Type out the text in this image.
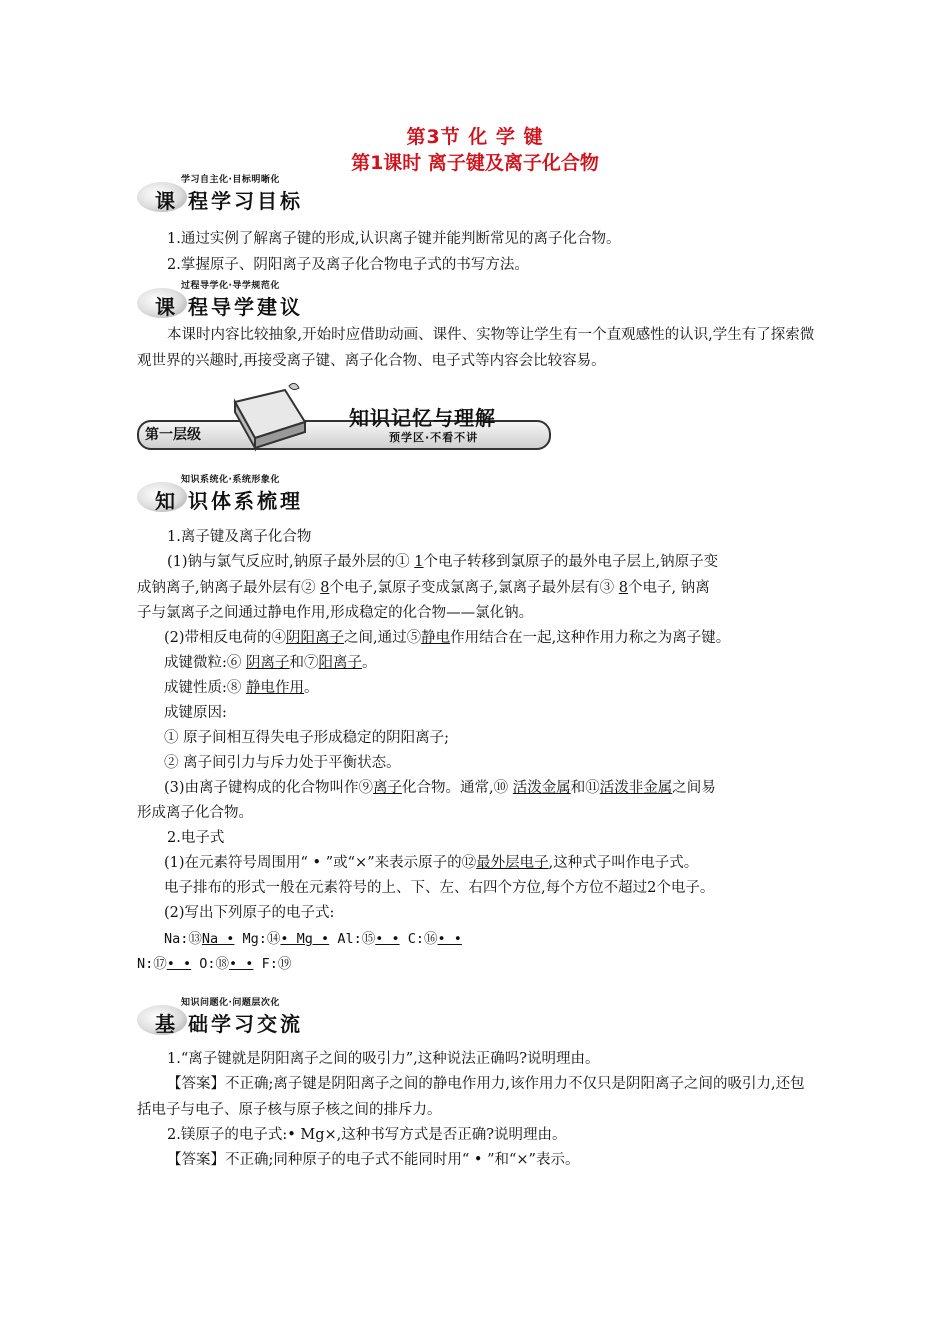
第3节 化 学 键
第1课时 离子键及离子化合物
学习自主化·目标明晰化
课 程学习目标
1.通过实例了解离子键的形成,认识离子键并能判断常见的离子化合物。
2.掌握原子、阴阳离子及离子化合物电子式的书写方法。
过程导学化·导学规范化
课 程导学建议
本课时内容比较抽象,开始时应借助动画、课件、实物等让学生有一个直观感性的认识,学生有了探索微观世界的兴趣时,再接受离子键、离子化合物、电子式等内容会比较容易。
第一层级
知识记忆与理解
预学区·不看不讲
知识系统化·系统形象化
知 识体系梳理
1.离子键及离子化合物
(1)钠与氯气反应时,钠原子最外层的① 1个电子转移到氯原子的最外电子层上,钠原子变
成钠离子,钠离子最外层有② 8个电子,氯原子变成氯离子,氯离子最外层有③ 8个电子, 钠离
子与氯离子之间通过静电作用,形成稳定的化合物——氯化钠。
(2)带相反电荷的④阴阳离子之间,通过⑤静电作用结合在一起,这种作用力称之为离子键。
成键微粒:⑥ 阴离子和⑦阳离子。
成键性质:⑧ 静电作用。
成键原因:
① 原子间相互得失电子形成稳定的阴阳离子;
② 离子间引力与斥力处于平衡状态。
(3)由离子键构成的化合物叫作⑨离子化合物。通常,⑩ 活泼金属和⑪活泼非金属之间易
形成离子化合物。
2.电子式
(1)在元素符号周围用“ • ”或“×”来表示原子的⑫最外层电子,这种式子叫作电子式。
电子排布的形式一般在元素符号的上、下、左、右四个方位,每个方位不超过2个电子。
(2)写出下列原子的电子式:
Na:⑬Na • Mg:⑭• Mg • Al:⑮• • C:⑯• •
N:⑰• • O:⑱• • F:⑲
知识问题化·问题层次化
基 础学习交流
1.“离子键就是阴阳离子之间的吸引力”,这种说法正确吗?说明理由。
【答案】不正确;离子键是阴阳离子之间的静电作用力,该作用力不仅只是阴阳离子之间的吸引力,还包括电子与电子、原子核与原子核之间的排斥力。
2.镁原子的电子式:• Mg×,这种书写方式是否正确?说明理由。
【答案】不正确;同种原子的电子式不能同时用“ • ”和“×”表示。
